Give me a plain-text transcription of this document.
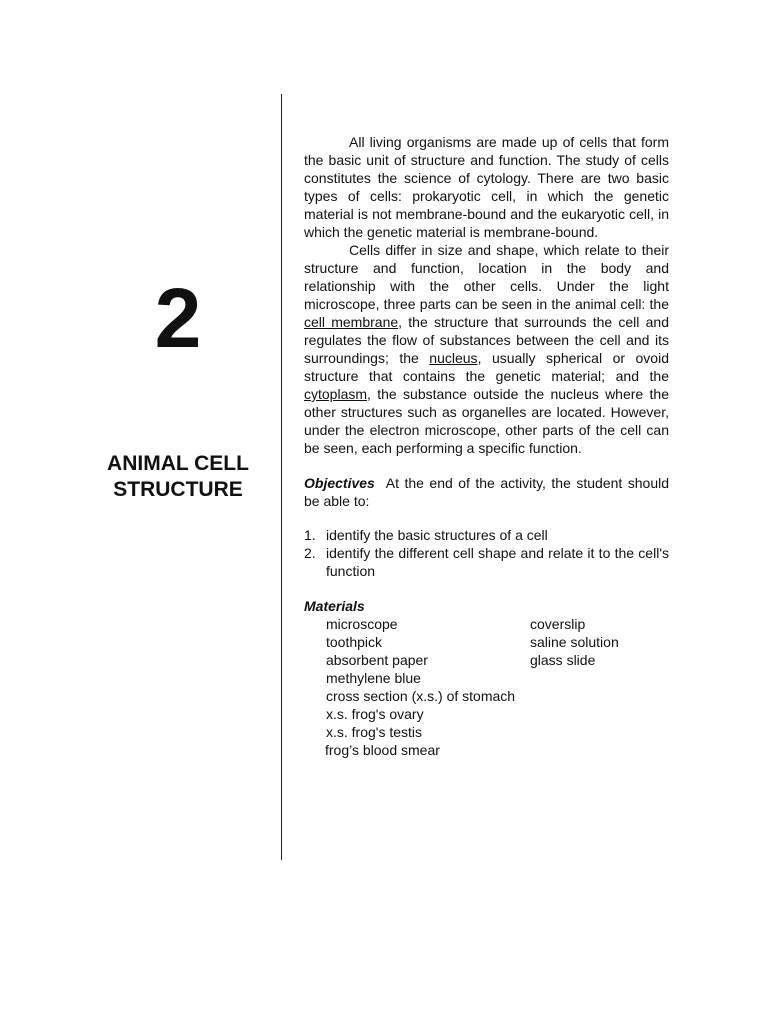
2
ANIMAL CELL
STRUCTURE

All living organisms are made up of cells that form the basic unit of structure and function. The study of cells constitutes the science of cytology. There are two basic types of cells: prokaryotic cell, in which the genetic material is not membrane-bound and the eukaryotic cell, in which the genetic material is membrane-bound.

Cells differ in size and shape, which relate to their structure and function, location in the body and relationship with the other cells. Under the light microscope, three parts can be seen in the animal cell: the cell membrane, the structure that surrounds the cell and regulates the flow of substances between the cell and its surroundings; the nucleus, usually spherical or ovoid structure that contains the genetic material; and the cytoplasm, the substance outside the nucleus where the other structures such as organelles are located. However, under the electron microscope, other parts of the cell can be seen, each performing a specific function.

Objectives At the end of the activity, the student should be able to:

1. identify the basic structures of a cell
2. identify the different cell shape and relate it to the cell's function
Materials
microscope
toothpick
absorbent paper
methylene blue
cross section (x.s.) of stomach
x.s. frog's ovary
x.s. frog's testis
frog’s blood smear
coverslip
saline solution
glass slide
